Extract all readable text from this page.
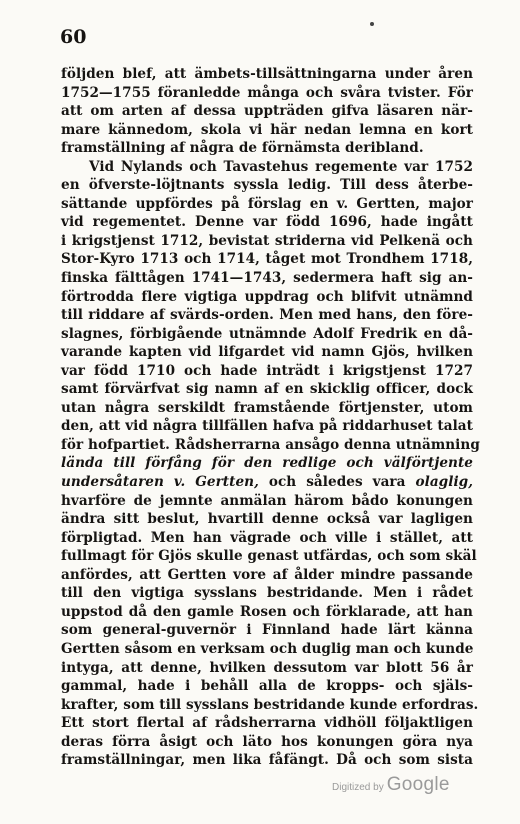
60
följden blef, att ämbets-tillsättningarna under åren
1752—1755 föranledde många och svåra tvister. För
att om arten af dessa uppträden gifva läsaren när-
mare kännedom, skola vi här nedan lemna en kort
framställning af några de förnämsta deribland.
Vid Nylands och Tavastehus regemente var 1752
en öfverste-löjtnants syssla ledig. Till dess återbe-
sättande uppfördes på förslag en v. Gertten, major
vid regementet. Denne var född 1696, hade ingått
i krigstjenst 1712, bevistat striderna vid Pelkenä och
Stor-Kyro 1713 och 1714, tåget mot Trondhem 1718,
finska fälttågen 1741—1743, sedermera haft sig an-
förtrodda flere vigtiga uppdrag och blifvit utnämnd
till riddare af svärds-orden. Men med hans, den före-
slagnes, förbigående utnämnde Adolf Fredrik en då-
varande kapten vid lifgardet vid namn Gjös, hvilken
var född 1710 och hade inträdt i krigstjenst 1727
samt förvärfvat sig namn af en skicklig officer, dock
utan några serskildt framstående förtjenster, utom
den, att vid några tillfällen hafva på riddarhuset talat
för hofpartiet. Rådsherrarna ansågo denna utnämning
ländа till förfång för den redlige och välförtjente
undersåtaren v. Gertten, och således vara olaglig,
hvarföre de jemnte anmälan härom bådo konungen
ändra sitt beslut, hvartill denne också var lagligen
förpligtad. Men han vägrade och ville i stället, att
fullmagt för Gjös skulle genast utfärdas, och som skäl
anfördes, att Gertten vore af ålder mindre passande
till den vigtiga sysslans bestridande. Men i rådet
uppstod då den gamle Rosen och förklarade, att han
som general-guvernör i Finnland hade lärt känna
Gertten såsom en verksam och duglig man och kunde
intyga, att denne, hvilken dessutom var blott 56 år
gammal, hade i behåll alla de kropps- och själs-
krafter, som till sysslans bestridande kunde erfordras.
Ett stort flertal af rådsherrarna vidhöll följaktligen
deras förra åsigt och läto hos konungen göra nya
framställningar, men lika fåfängt. Då och som sista
Digitized by Google
